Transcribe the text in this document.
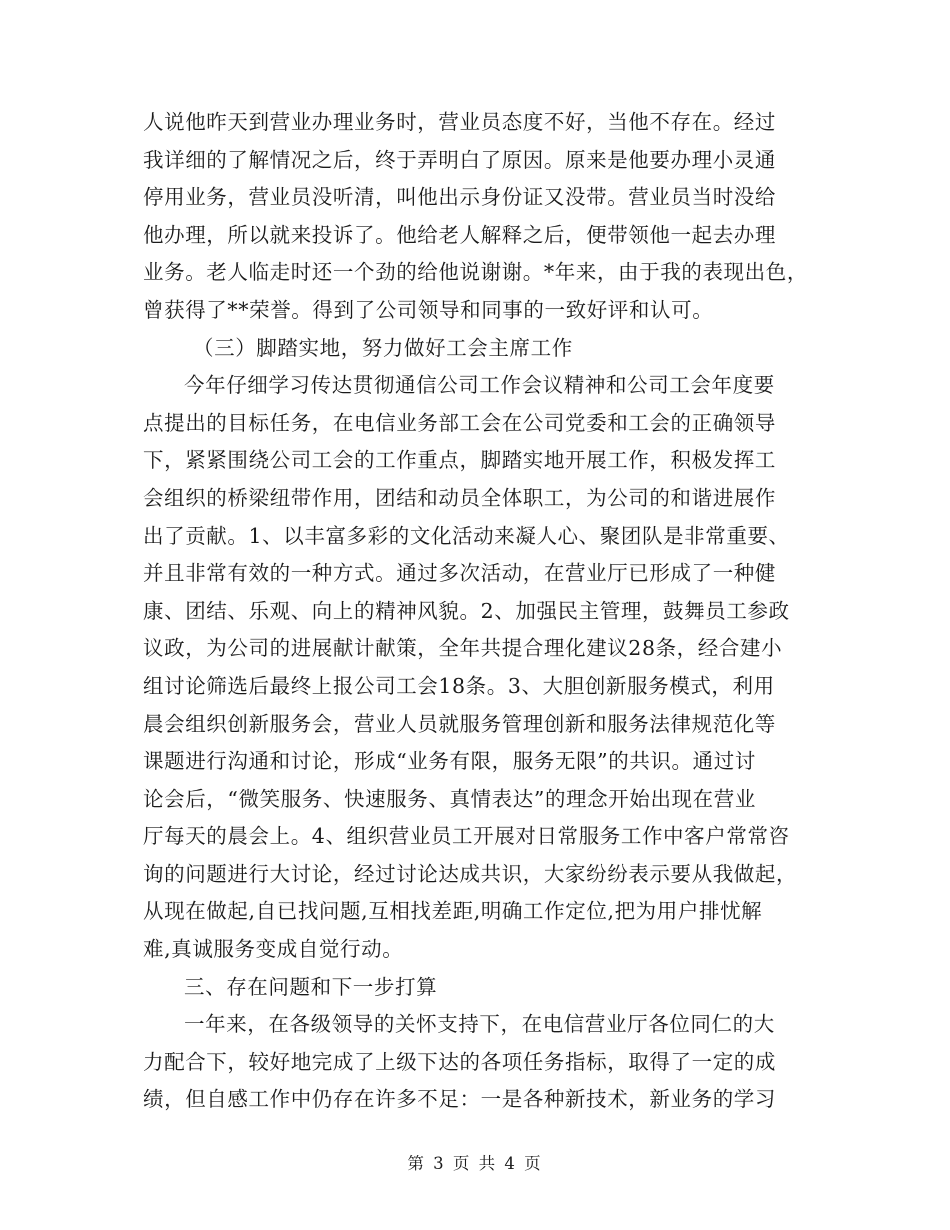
人说他昨天到营业办理业务时，营业员态度不好，当他不存在。经过
我详细的了解情况之后，终于弄明白了原因。原来是他要办理小灵通
停用业务，营业员没听清，叫他出示身份证又没带。营业员当时没给
他办理，所以就来投诉了。他给老人解释之后，便带领他一起去办理
业务。老人临走时还一个劲的给他说谢谢。*年来，由于我的表现出色，
曾获得了**荣誉。得到了公司领导和同事的一致好评和认可。
（三）脚踏实地，努力做好工会主席工作
今年仔细学习传达贯彻通信公司工作会议精神和公司工会年度要
点提出的目标任务，在电信业务部工会在公司党委和工会的正确领导
下，紧紧围绕公司工会的工作重点，脚踏实地开展工作，积极发挥工
会组织的桥梁纽带作用，团结和动员全体职工，为公司的和谐进展作
出了贡献。1、以丰富多彩的文化活动来凝人心、聚团队是非常重要、
并且非常有效的一种方式。通过多次活动，在营业厅已形成了一种健
康、团结、乐观、向上的精神风貌。2、加强民主管理，鼓舞员工参政
议政，为公司的进展献计献策，全年共提合理化建议28条，经合建小
组讨论筛选后最终上报公司工会18条。3、大胆创新服务模式，利用
晨会组织创新服务会，营业人员就服务管理创新和服务法律规范化等
课题进行沟通和讨论，形成“业务有限，服务无限”的共识。通过讨
论会后，“微笑服务、快速服务、真情表达”的理念开始出现在营业
厅每天的晨会上。4、组织营业员工开展对日常服务工作中客户常常咨
询的问题进行大讨论，经过讨论达成共识，大家纷纷表示要从我做起，
从现在做起,自已找问题,互相找差距,明确工作定位,把为用户排忧解
难,真诚服务变成自觉行动。
三、存在问题和下一步打算
一年来，在各级领导的关怀支持下，在电信营业厅各位同仁的大
力配合下，较好地完成了上级下达的各项任务指标，取得了一定的成
绩，但自感工作中仍存在许多不足：一是各种新技术，新业务的学习
第 3 页 共 4 页
